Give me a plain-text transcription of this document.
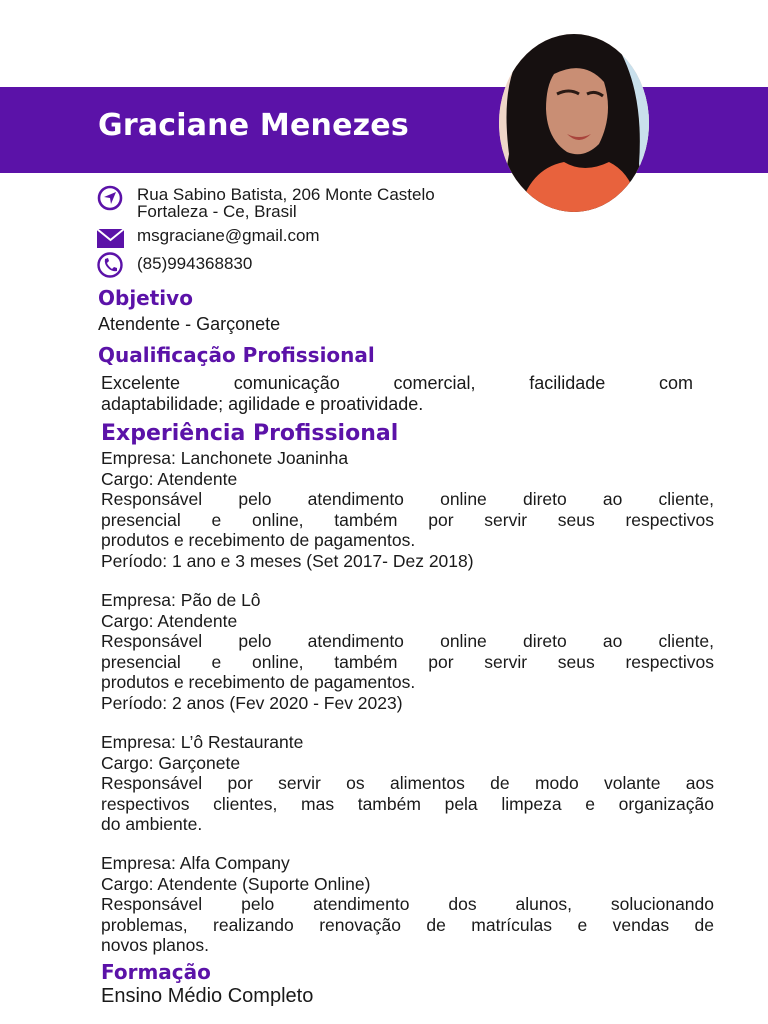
Graciane Menezes
Rua Sabino Batista, 206 Monte Castelo
Fortaleza - Ce, Brasil
msgraciane@gmail.com
(85)994368830
Objetivo

Atendente - Garçonete

Qualificação Profissional
Excelente comunicação comercial, facilidade com
adaptabilidade; agilidade e proatividade.
Experiência Profissional
Empresa: Lanchonete Joaninha
Cargo: Atendente
Responsável pelo atendimento online direto ao cliente,
presencial e online, também por servir seus respectivos
produtos e recebimento de pagamentos.
Período: 1 ano e 3 meses (Set 2017- Dez 2018)
Empresa: Pão de Lô
Cargo: Atendente
Responsável pelo atendimento online direto ao cliente,
presencial e online, também por servir seus respectivos
produtos e recebimento de pagamentos.
Período: 2 anos (Fev 2020 - Fev 2023)
Empresa: L’ô Restaurante
Cargo: Garçonete
Responsável por servir os alimentos de modo volante aos
respectivos clientes, mas também pela limpeza e organização
do ambiente.
Empresa: Alfa Company
Cargo: Atendente (Suporte Online)
Responsável pelo atendimento dos alunos, solucionando
problemas, realizando renovação de matrículas e vendas de
novos planos.
Formação

Ensino Médio Completo
